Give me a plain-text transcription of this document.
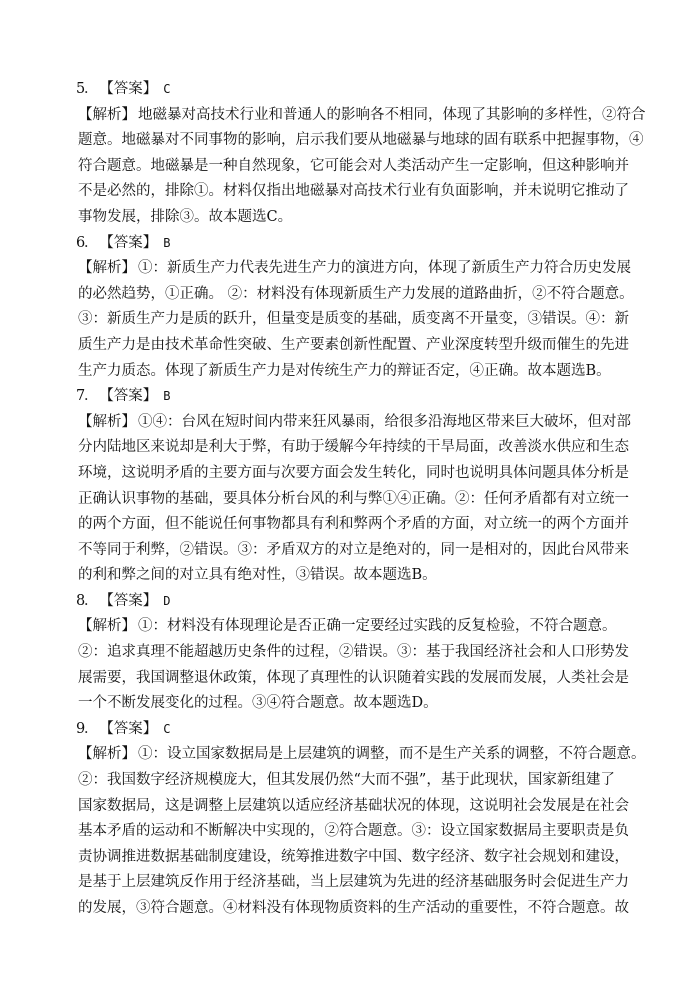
5． 【答案】 C
【解析】 地磁暴对高技术行业和普通人的影响各不相同，体现了其影响的多样性，②符合
题意。地磁暴对不同事物的影响，启示我们要从地磁暴与地球的固有联系中把握事物，④
符合题意。地磁暴是一种自然现象，它可能会对人类活动产生一定影响，但这种影响并
不是必然的，排除①。材料仅指出地磁暴对高技术行业有负面影响，并未说明它推动了
事物发展，排除③。故本题选C。
6． 【答案】 B
【解析】 ①：新质生产力代表先进生产力的演进方向，体现了新质生产力符合历史发展
的必然趋势，①正确。 ②：材料没有体现新质生产力发展的道路曲折，②不符合题意。
③：新质生产力是质的跃升，但量变是质变的基础，质变离不开量变，③错误。④：新
质生产力是由技术革命性突破、生产要素创新性配置、产业深度转型升级而催生的先进
生产力质态。体现了新质生产力是对传统生产力的辩证否定，④正确。故本题选B。
7． 【答案】 B
【解析】 ①④：台风在短时间内带来狂风暴雨，给很多沿海地区带来巨大破坏，但对部
分内陆地区来说却是利大于弊，有助于缓解今年持续的干旱局面，改善淡水供应和生态
环境，这说明矛盾的主要方面与次要方面会发生转化，同时也说明具体问题具体分析是
正确认识事物的基础，要具体分析台风的利与弊①④正确。②：任何矛盾都有对立统一
的两个方面，但不能说任何事物都具有利和弊两个矛盾的方面，对立统一的两个方面并
不等同于利弊，②错误。③：矛盾双方的对立是绝对的，同一是相对的，因此台风带来
的利和弊之间的对立具有绝对性，③错误。故本题选B。
8． 【答案】 D
【解析】 ①：材料没有体现理论是否正确一定要经过实践的反复检验，不符合题意。
②：追求真理不能超越历史条件的过程，②错误。③：基于我国经济社会和人口形势发
展需要，我国调整退休政策，体现了真理性的认识随着实践的发展而发展，人类社会是
一个不断发展变化的过程。③④符合题意。故本题选D。
9． 【答案】 C
【解析】 ①：设立国家数据局是上层建筑的调整，而不是生产关系的调整，不符合题意。
②：我国数字经济规模庞大，但其发展仍然“大而不强”，基于此现状，国家新组建了
国家数据局，这是调整上层建筑以适应经济基础状况的体现，这说明社会发展是在社会
基本矛盾的运动和不断解决中实现的，②符合题意。③：设立国家数据局主要职责是负
责协调推进数据基础制度建设，统筹推进数字中国、数字经济、数字社会规划和建设，
是基于上层建筑反作用于经济基础，当上层建筑为先进的经济基础服务时会促进生产力
的发展，③符合题意。④材料没有体现物质资料的生产活动的重要性，不符合题意。故
